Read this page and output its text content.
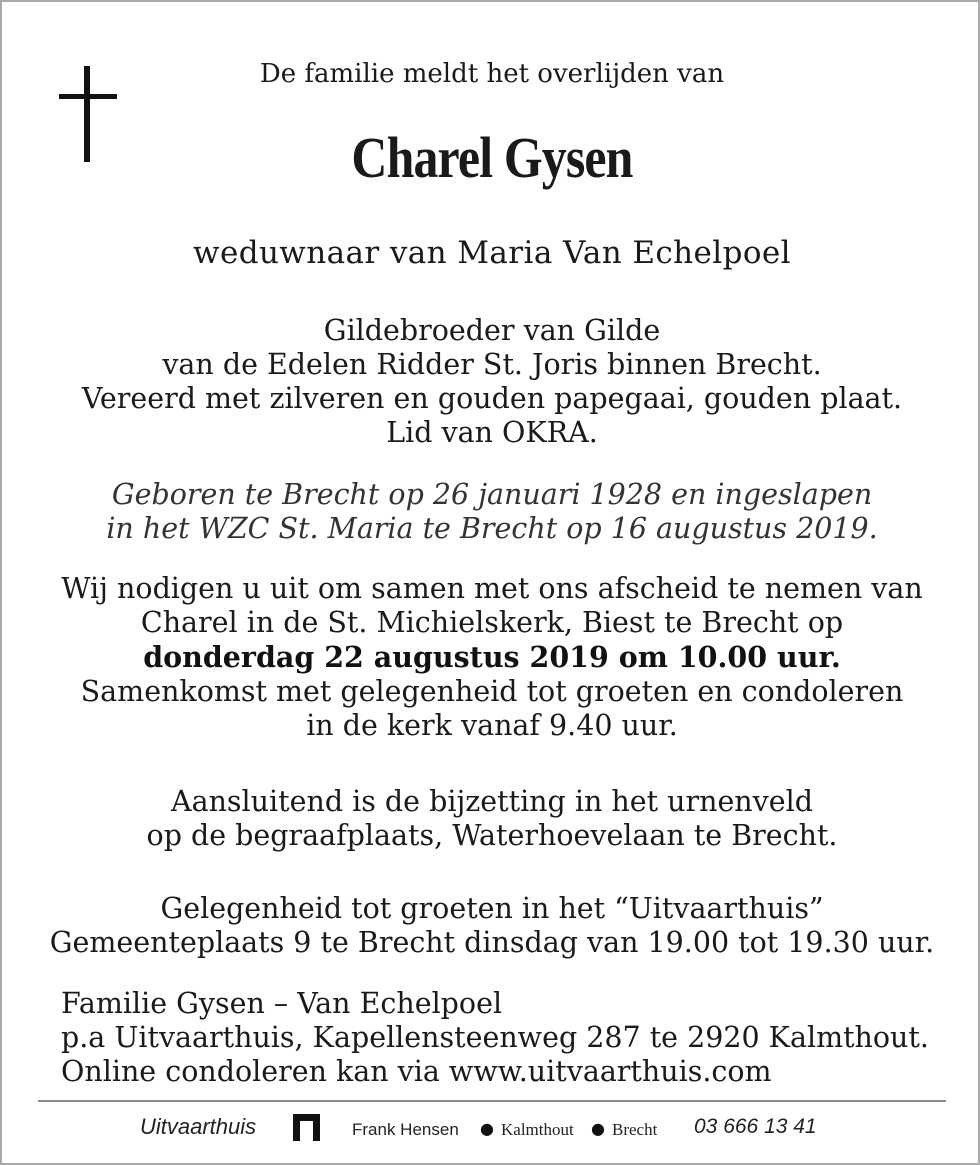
De familie meldt het overlijden van
Charel Gysen
weduwnaar van Maria Van Echelpoel
Gildebroeder van Gilde
van de Edelen Ridder St. Joris binnen Brecht.
Vereerd met zilveren en gouden papegaai, gouden plaat.
Lid van OKRA.
Geboren te Brecht op 26 januari 1928 en ingeslapen
in het WZC St. Maria te Brecht op 16 augustus 2019.
Wij nodigen u uit om samen met ons afscheid te nemen van
Charel in de St. Michielskerk, Biest te Brecht op
donderdag 22 augustus 2019 om 10.00 uur.
Samenkomst met gelegenheid tot groeten en condoleren
in de kerk vanaf 9.40 uur.
Aansluitend is de bijzetting in het urnenveld
op de begraafplaats, Waterhoevelaan te Brecht.
Gelegenheid tot groeten in het “Uitvaarthuis”
Gemeenteplaats 9 te Brecht dinsdag van 19.00 tot 19.30 uur.
Familie Gysen – Van Echelpoel
p.a Uitvaarthuis, Kapellensteenweg 287 te 2920 Kalmthout.
Online condoleren kan via www.uitvaarthuis.com
Uitvaarthuis	Frank Hensen ● Kalmthout ● Brecht 03 666 13 41
